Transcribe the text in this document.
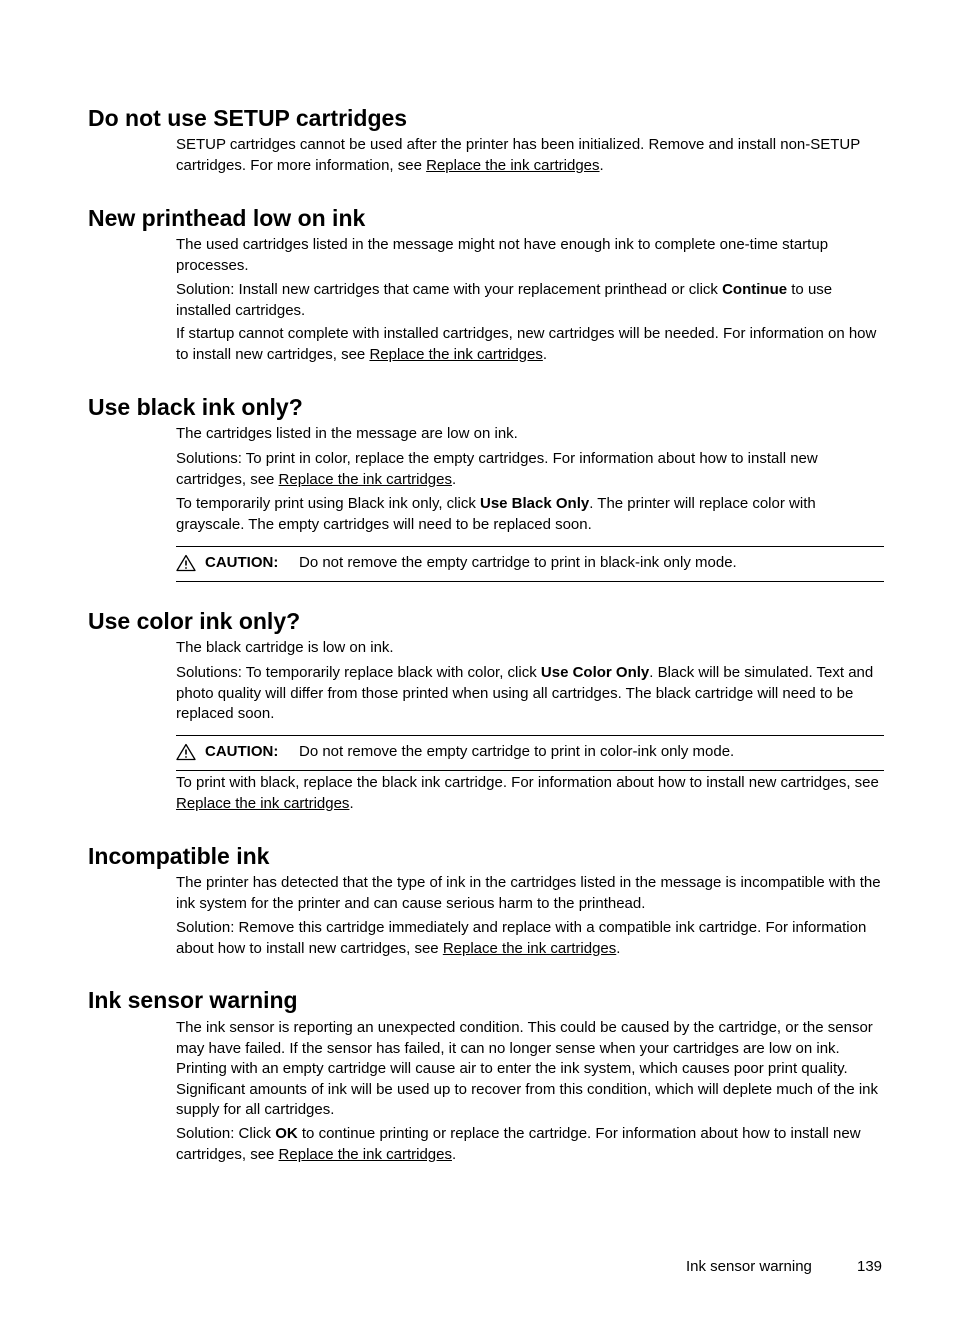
Do not use SETUP cartridges

SETUP cartridges cannot be used after the printer has been initialized. Remove and install non-SETUP cartridges. For more information, see Replace the ink cartridges.

New printhead low on ink

The used cartridges listed in the message might not have enough ink to complete one-time startup processes.

Solution: Install new cartridges that came with your replacement printhead or click Continue to use installed cartridges.

If startup cannot complete with installed cartridges, new cartridges will be needed. For information on how to install new cartridges, see Replace the ink cartridges.

Use black ink only?

The cartridges listed in the message are low on ink.

Solutions: To print in color, replace the empty cartridges. For information about how to install new cartridges, see Replace the ink cartridges.

To temporarily print using Black ink only, click Use Black Only. The printer will replace color with grayscale. The empty cartridges will need to be replaced soon.

CAUTION: Do not remove the empty cartridge to print in black-ink only mode.
Use color ink only?

The black cartridge is low on ink.

Solutions: To temporarily replace black with color, click Use Color Only. Black will be simulated. Text and photo quality will differ from those printed when using all cartridges. The black cartridge will need to be replaced soon.

CAUTION: Do not remove the empty cartridge to print in color-ink only mode.

To print with black, replace the black ink cartridge. For information about how to install new cartridges, see Replace the ink cartridges.

Incompatible ink

The printer has detected that the type of ink in the cartridges listed in the message is incompatible with the ink system for the printer and can cause serious harm to the printhead.

Solution: Remove this cartridge immediately and replace with a compatible ink cartridge. For information about how to install new cartridges, see Replace the ink cartridges.

Ink sensor warning

The ink sensor is reporting an unexpected condition. This could be caused by the cartridge, or the sensor may have failed. If the sensor has failed, it can no longer sense when your cartridges are low on ink. Printing with an empty cartridge will cause air to enter the ink system, which causes poor print quality. Significant amounts of ink will be used up to recover from this condition, which will deplete much of the ink supply for all cartridges.

Solution: Click OK to continue printing or replace the cartridge. For information about how to install new cartridges, see Replace the ink cartridges.

Ink sensor warning	139
